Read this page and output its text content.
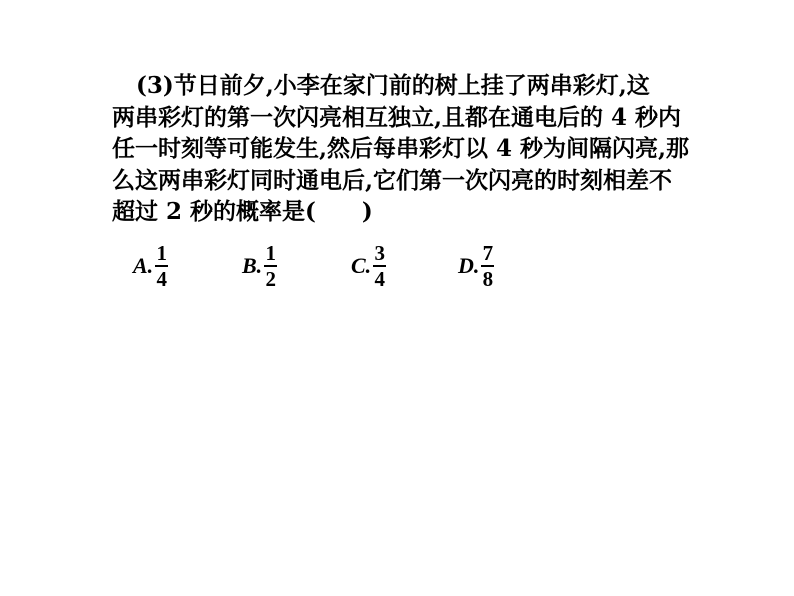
(3)节日前夕,小李在家门前的树上挂了两串彩灯,这
两串彩灯的第一次闪亮相互独立,且都在通电后的 4 秒内
任一时刻等可能发生,然后每串彩灯以 4 秒为间隔闪亮,那
么这两串彩灯同时通电后,它们第一次闪亮的时刻相差不
超过 2 秒的概率是(　　)
A. $\frac{1}{4}$	B. $\frac{1}{2}$	C. $\frac{3}{4}$	D. $\frac{7}{8}$
